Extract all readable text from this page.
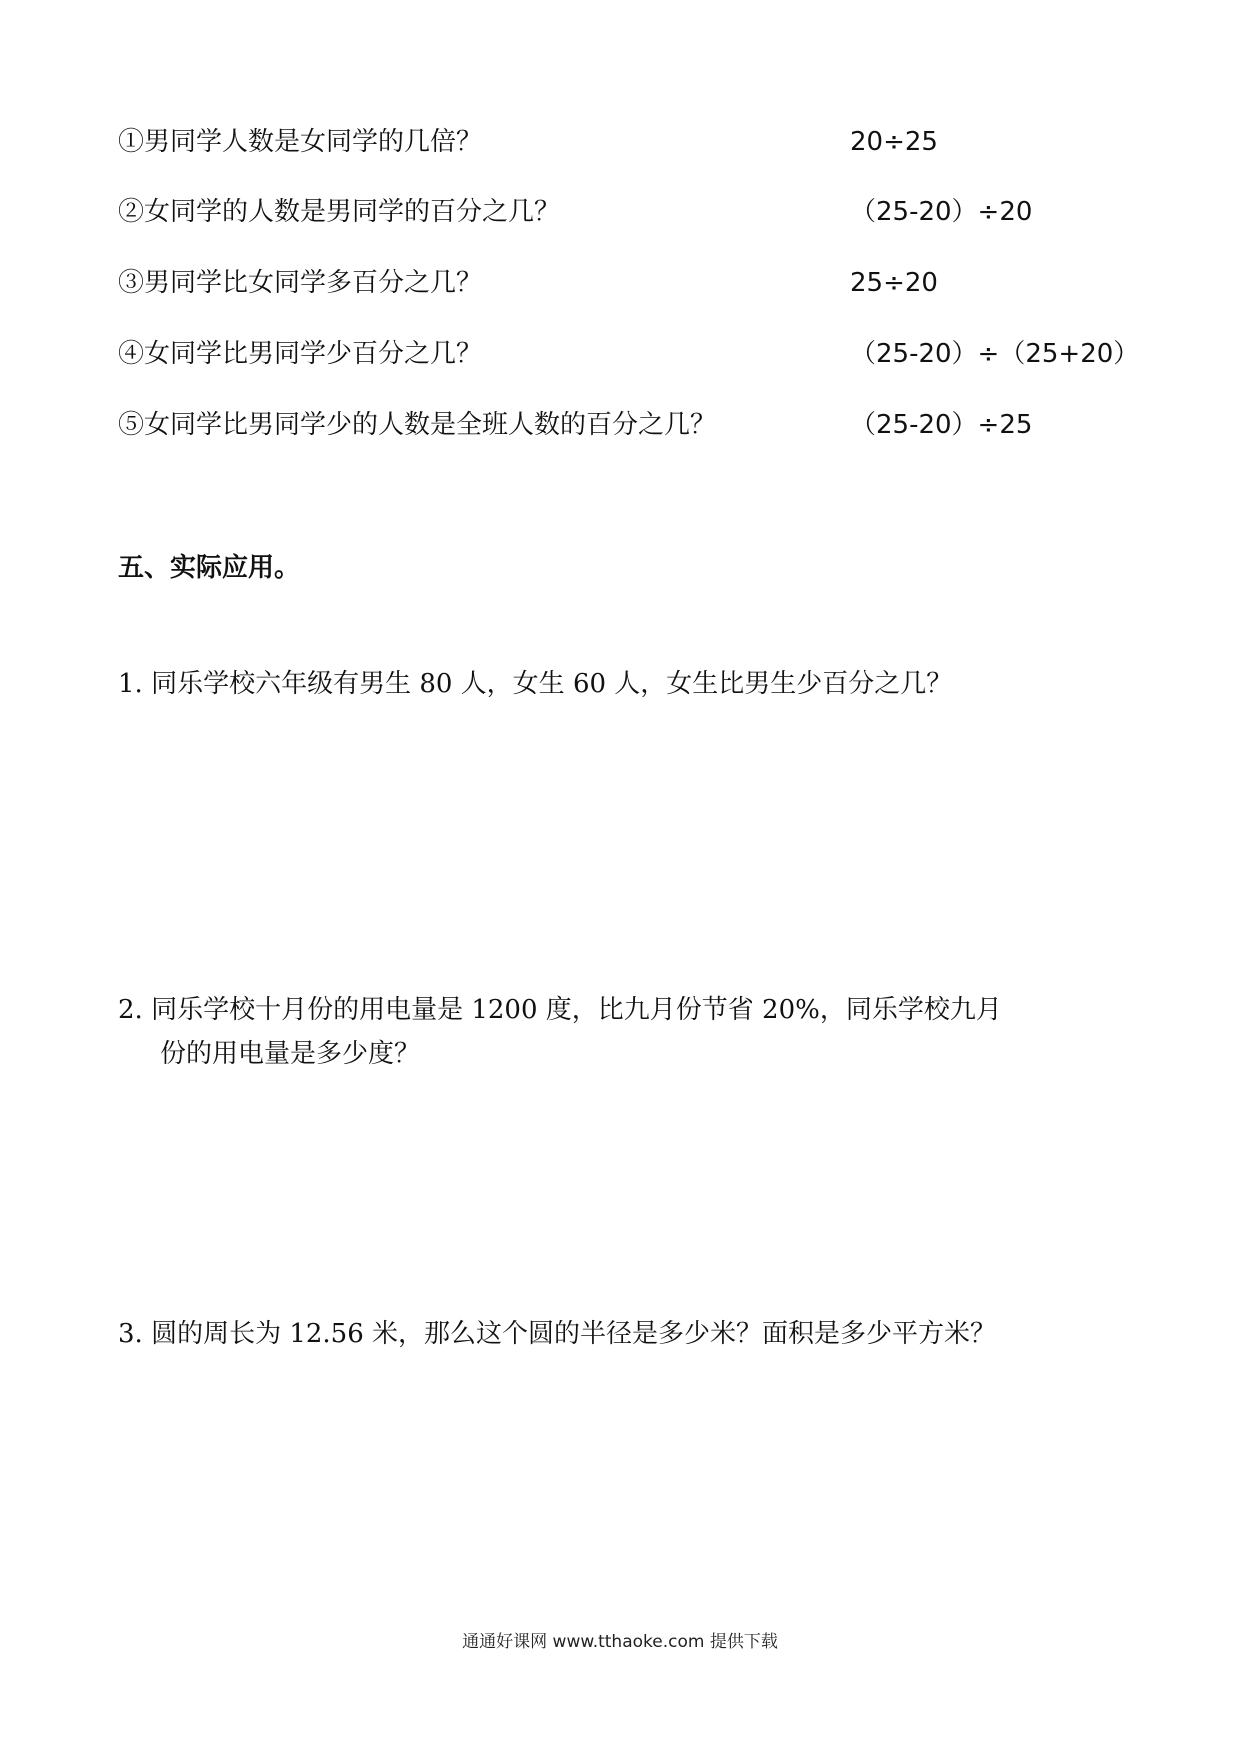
①男同学人数是女同学的几倍？	20÷25
②女同学的人数是男同学的百分之几？	（25-20）÷20
③男同学比女同学多百分之几？	25÷20
④女同学比男同学少百分之几？	（25-20）÷（25+20）
⑤女同学比男同学少的人数是全班人数的百分之几？	（25-20）÷25
五、实际应用。
1. 同乐学校六年级有男生 80 人，女生 60 人，女生比男生少百分之几？
2. 同乐学校十月份的用电量是 1200 度，比九月份节省 20%，同乐学校九月
份的用电量是多少度？
3. 圆的周长为 12.56 米，那么这个圆的半径是多少米？面积是多少平方米？
通通好课网 www.tthaoke.com 提供下载
